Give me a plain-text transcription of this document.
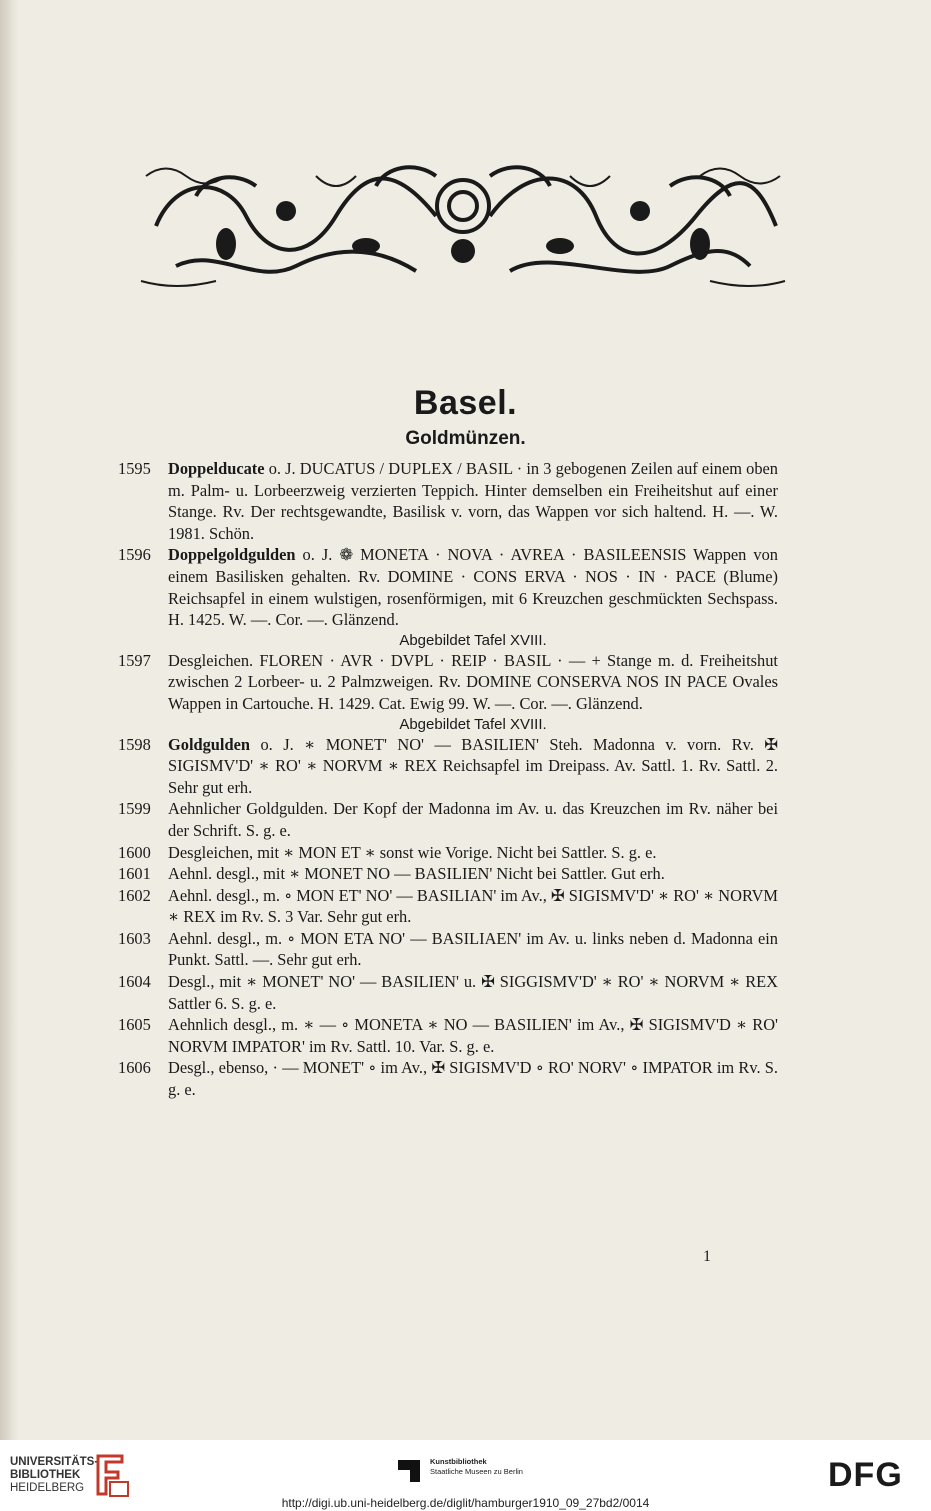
Basel.
Goldmünzen.
1595 Doppelducate o. J. DUCATUS / DUPLEX / BASIL · in 3 gebogenen Zeilen auf einem oben m. Palm- u. Lorbeerzweig verzierten Teppich. Hinter demselben ein Freiheitshut auf einer Stange. Rv. Der rechtsgewandte, Basilisk v. vorn, das Wappen vor sich haltend. H. —. W. 1981. Schön.
1596 Doppelgoldgulden o. J. ❁ MONETA · NOVA · AVREA · BASILEENSIS Wappen von einem Basilisken gehalten. Rv. DOMINE · CONS ERVA · NOS · IN · PACE (Blume) Reichsapfel in einem wulstigen, rosenförmigen, mit 6 Kreuzchen geschmückten Sechspass. H. 1425. W. —. Cor. —. Glänzend.
Abgebildet Tafel XVIII.
1597 Desgleichen. FLOREN · AVR · DVPL · REIP · BASIL · — + Stange m. d. Freiheitshut zwischen 2 Lorbeer- u. 2 Palmzweigen. Rv. DOMINE CONSERVA NOS IN PACE Ovales Wappen in Cartouche. H. 1429. Cat. Ewig 99. W. —. Cor. —. Glänzend.
Abgebildet Tafel XVIII.
1598 Goldgulden o. J. ∗ MONET' NO' — BASILIEN' Steh. Madonna v. vorn. Rv. ✠ SIGISMV'D' ∗ RO' ∗ NORVM ∗ REX Reichsapfel im Dreipass. Av. Sattl. 1. Rv. Sattl. 2. Sehr gut erh.
1599 Aehnlicher Goldgulden. Der Kopf der Madonna im Av. u. das Kreuzchen im Rv. näher bei der Schrift. S. g. e.
1600 Desgleichen, mit ∗ MON ET ∗ sonst wie Vorige. Nicht bei Sattler. S. g. e.
1601 Aehnl. desgl., mit ∗ MONET NO — BASILIEN' Nicht bei Sattler. Gut erh.
1602 Aehnl. desgl., m. ∘ MON ET' NO' — BASILIAN' im Av., ✠ SIGISMV'D' ∗ RO' ∗ NORVM ∗ REX im Rv. S. 3 Var. Sehr gut erh.
1603 Aehnl. desgl., m. ∘ MON ETA NO' — BASILIAEN' im Av. u. links neben d. Madonna ein Punkt. Sattl. —. Sehr gut erh.
1604 Desgl., mit ∗ MONET' NO' — BASILIEN' u. ✠ SIGGISMV'D' ∗ RO' ∗ NORVM ∗ REX Sattler 6. S. g. e.
1605 Aehnlich desgl., m. ∗ — ∘ MONETA ∗ NO — BASILIEN' im Av., ✠ SIGISMV'D ∗ RO' NORVM IMPATOR' im Rv. Sattl. 10. Var. S. g. e.
1606 Desgl., ebenso, · — MONET' ∘ im Av., ✠ SIGISMV'D ∘ RO' NORV' ∘ IMPATOR im Rv. S. g. e.
1
UNIVERSITÄTS-
BIBLIOTHEK
HEIDELBERG
Kunstbibliothek
Staatliche Museen zu Berlin	DFG
http://digi.ub.uni-heidelberg.de/diglit/hamburger1910_09_27bd2/0014
